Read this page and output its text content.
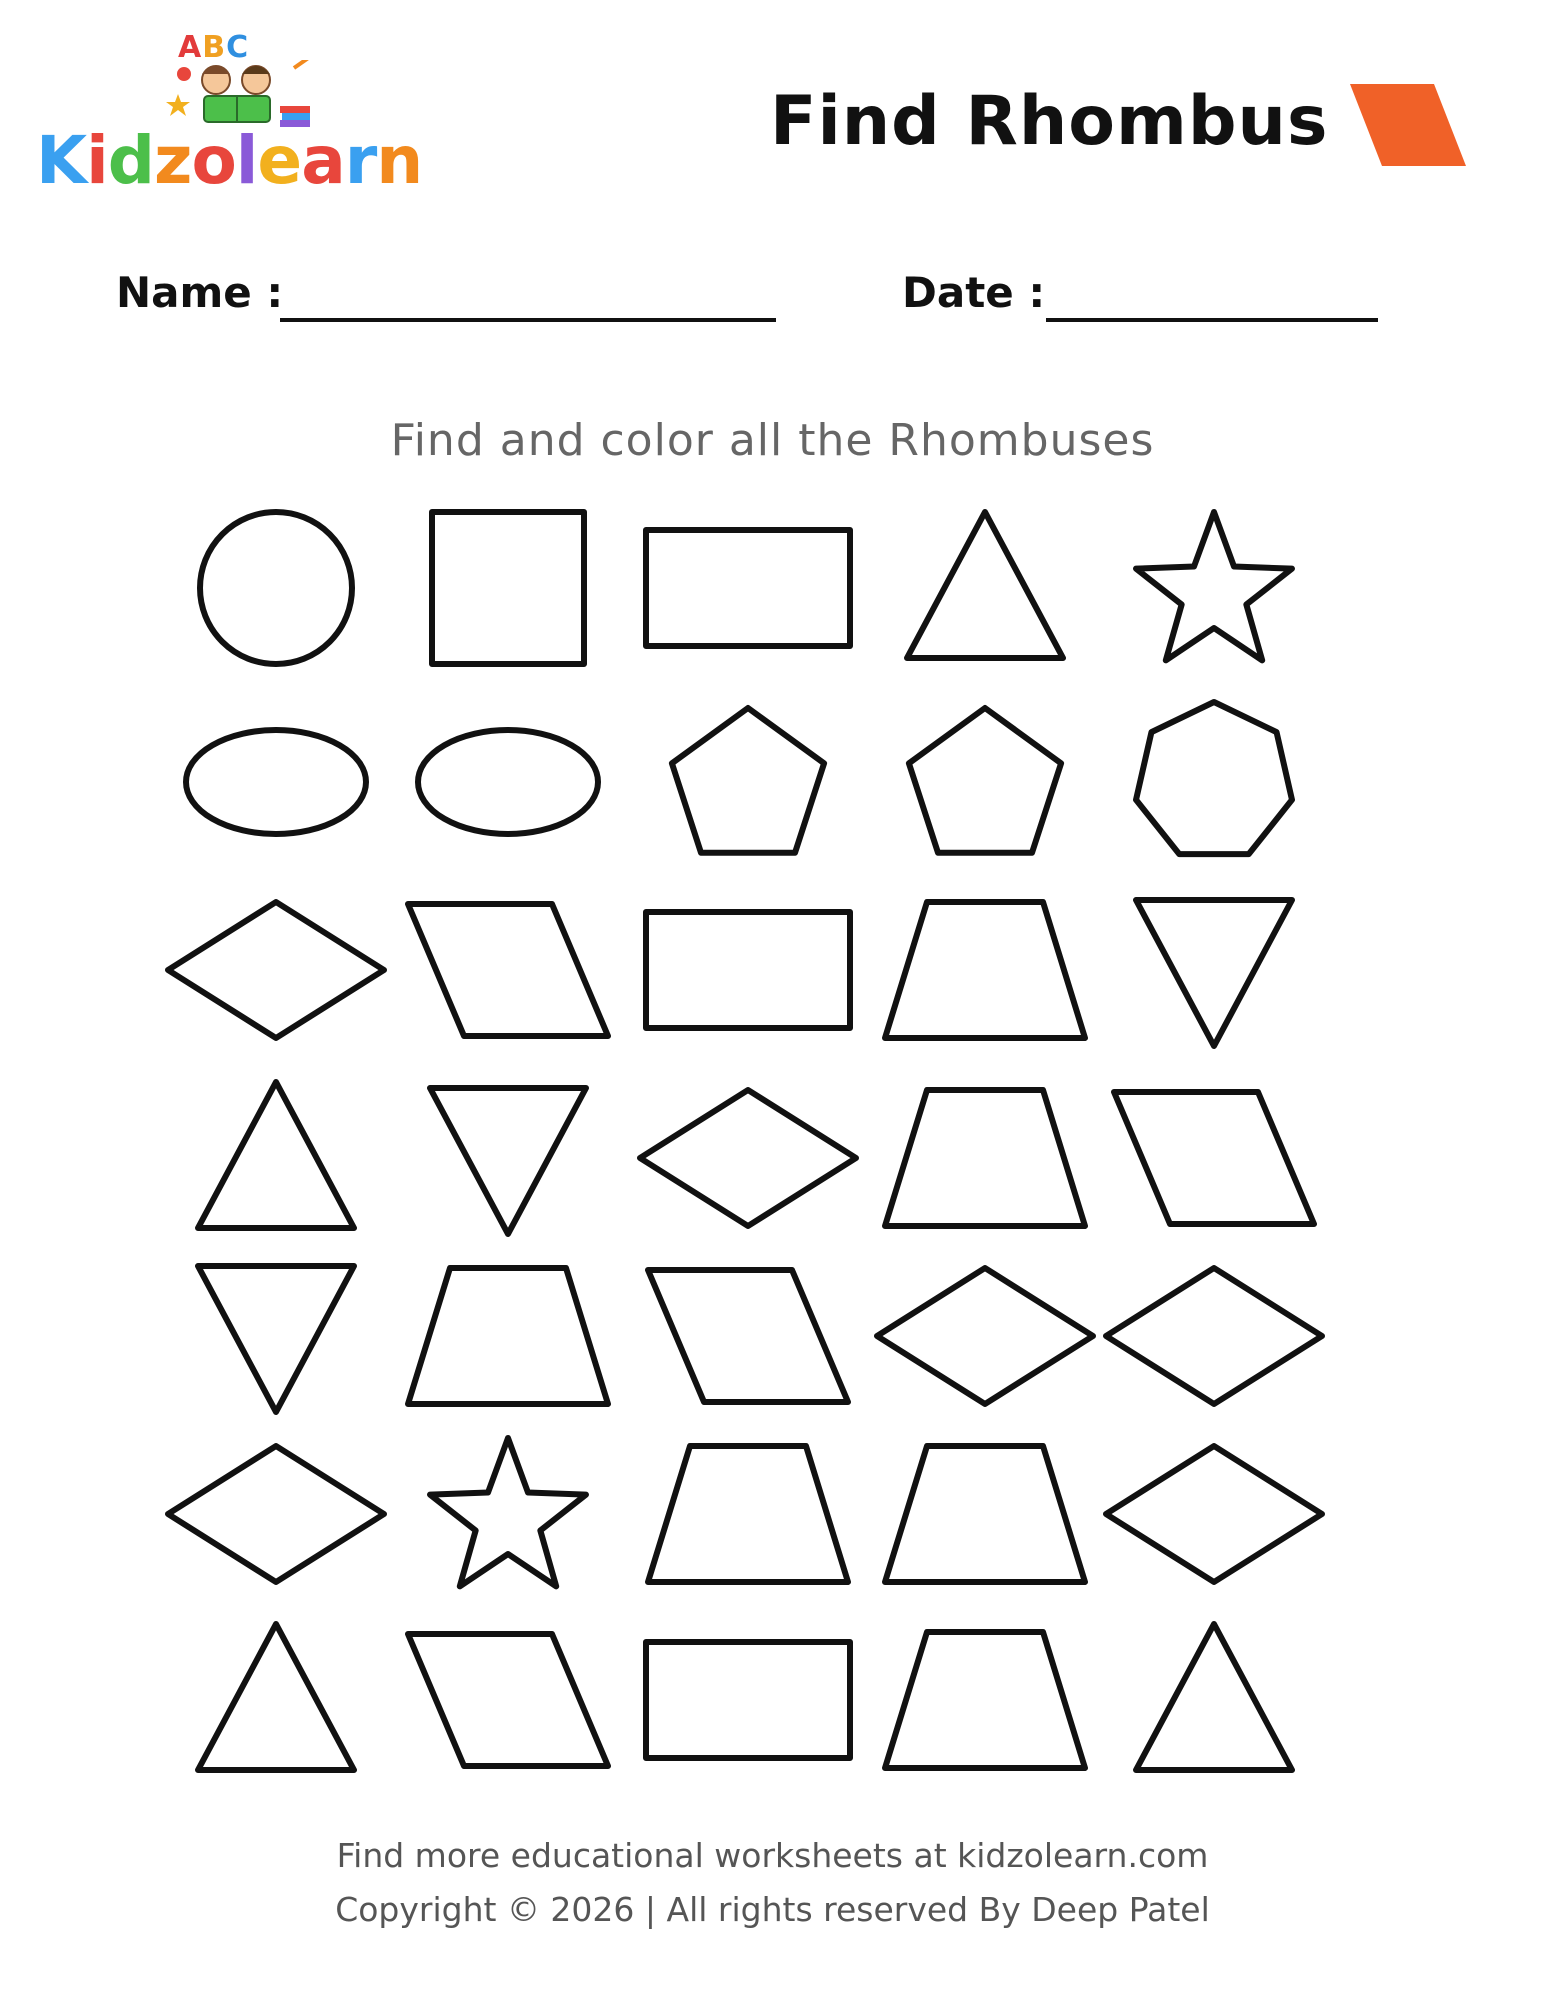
ABC
Kidzolearn	Find Rhombus
Name :	Date :
Find and color all the Rhombuses
Find more educational worksheets at kidzolearn.com
Copyright © 2026 | All rights reserved By Deep Patel
